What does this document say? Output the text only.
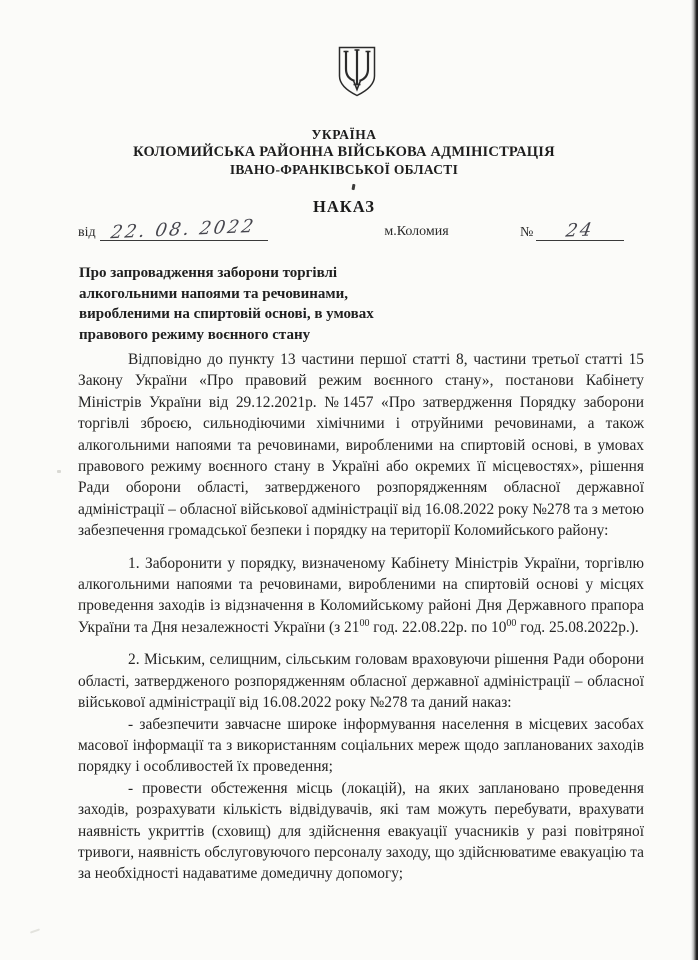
УКРАЇНА
КОЛОМИЙСЬКА РАЙОННА ВІЙСЬКОВА АДМІНІСТРАЦІЯ
ІВАНО-ФРАНКІВСЬКОЇ ОБЛАСТІ
НАКАЗ
від 22. 08. 2022	м.Коломия	№ 24
Про запровадження заборони торгівлі
алкогольними напоями та речовинами,
виробленими на спиртовій основі, в умовах
правового режиму воєнного стану

Відповідно до пункту 13 частини першої статті 8, частини третьої статті 15 Закону України «Про правовий режим воєнного стану», постанови Кабінету Міністрів України від 29.12.2021р. №1457 «Про затвердження Порядку заборони торгівлі зброєю, сильнодіючими хімічними і отруйними речовинами, а також алкогольними напоями та речовинами, виробленими на спиртовій основі, в умовах правового режиму воєнного стану в Україні або окремих її місцевостях», рішення Ради оборони області, затвердженого розпорядженням обласної державної адміністрації – обласної військової адміністрації від 16.08.2022 року №278 та з метою забезпечення громадської безпеки і порядку на території Коломийського району:

1. Заборонити у порядку, визначеному Кабінету Міністрів України, торгівлю алкогольними напоями та речовинами, виробленими на спиртовій основі у місцях проведення заходів із відзначення в Коломийському районі Дня Державного прапора України та Дня незалежності України (з $21^{00}$ год. 22.08.22р. по $10^{00}$ год. 25.08.2022р.).

2. Міським, селищним, сільським головам враховуючи рішення Ради оборони області, затвердженого розпорядженням обласної державної адміністрації – обласної військової адміністрації від 16.08.2022 року №278 та даний наказ:

- забезпечити завчасне широке інформування населення в місцевих засобах масової інформації та з використанням соціальних мереж щодо запланованих заходів порядку і особливостей їх проведення;

- провести обстеження місць (локацій), на яких заплановано проведення заходів, розрахувати кількість відвідувачів, які там можуть перебувати, врахувати наявність укриттів (сховищ) для здійснення евакуації учасників у разі повітряної тривоги, наявність обслуговуючого персоналу заходу, що здійснюватиме евакуацію та за необхідності надаватиме домедичну допомогу;
